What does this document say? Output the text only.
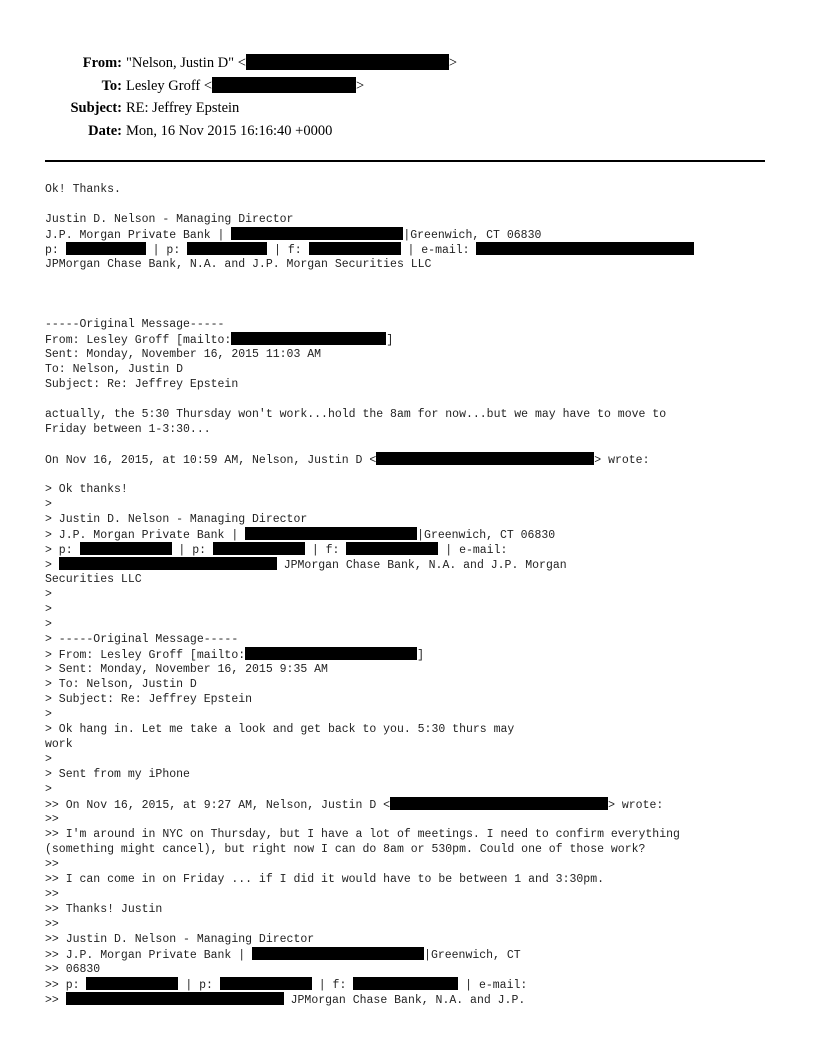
From: "Nelson, Justin D" <	>
To: Lesley Groff <	>
Subject: RE: Jeffrey Epstein
Date: Mon, 16 Nov 2015 16:16:40 +0000
Ok! Thanks.
Justin D. Nelson - Managing Director
J.P. Morgan Private Bank |	|Greenwich, CT 06830
p:	| p:	| f:	| e-mail:
JPMorgan Chase Bank, N.A. and J.P. Morgan Securities LLC
-----Original Message-----
From: Lesley Groff [mailto:	]
Sent: Monday, November 16, 2015 11:03 AM
To: Nelson, Justin D
Subject: Re: Jeffrey Epstein
actually, the 5:30 Thursday won't work...hold the 8am for now...but we may have to move to
Friday between 1-3:30...
On Nov 16, 2015, at 10:59 AM, Nelson, Justin D <	> wrote:
> Ok thanks!
>
> Justin D. Nelson - Managing Director
> J.P. Morgan Private Bank |	|Greenwich, CT 06830
> p:	| p:	| f:	| e-mail:
>	JPMorgan Chase Bank, N.A. and J.P. Morgan
Securities LLC
>
>
>
> -----Original Message-----
> From: Lesley Groff [mailto:	]
> Sent: Monday, November 16, 2015 9:35 AM
> To: Nelson, Justin D
> Subject: Re: Jeffrey Epstein
>
> Ok hang in. Let me take a look and get back to you. 5:30 thurs may
work
>
> Sent from my iPhone
>
>> On Nov 16, 2015, at 9:27 AM, Nelson, Justin D <	> wrote:
>>
>> I'm around in NYC on Thursday, but I have a lot of meetings. I need to confirm everything
(something might cancel), but right now I can do 8am or 530pm. Could one of those work?
>>
>> I can come in on Friday ... if I did it would have to be between 1 and 3:30pm.
>>
>> Thanks! Justin
>>
>> Justin D. Nelson - Managing Director
>> J.P. Morgan Private Bank |	|Greenwich, CT
>> 06830
>> p:	| p:	| f:	| e-mail:
>>	JPMorgan Chase Bank, N.A. and J.P.
